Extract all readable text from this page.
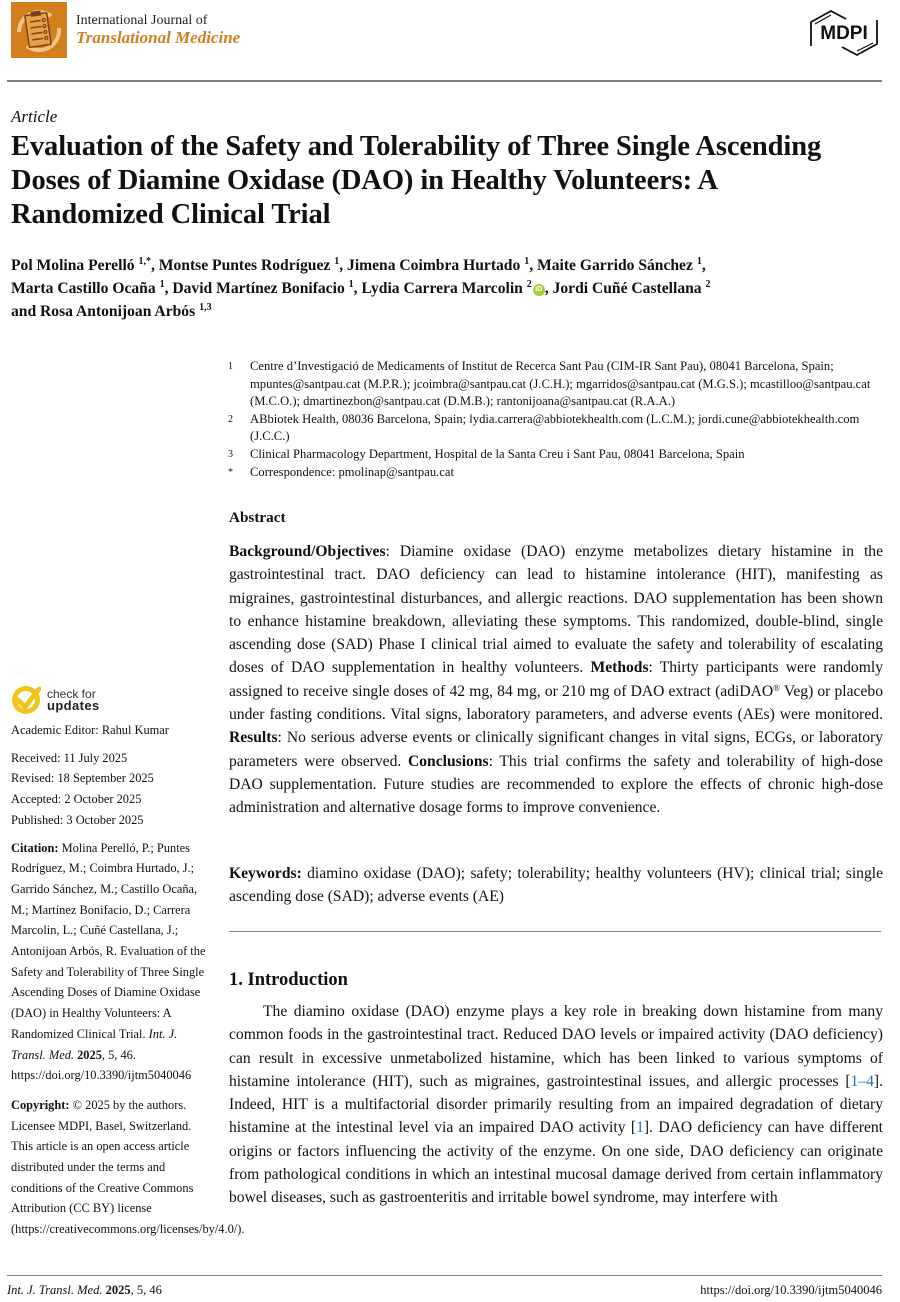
International Journal of
Translational Medicine	MDPI
Article
Evaluation of the Safety and Tolerability of Three Single Ascending Doses of Diamine Oxidase (DAO) in Healthy Volunteers: A Randomized Clinical Trial
Pol Molina Perelló $^{1,*}$, Montse Puntes Rodríguez $^1$, Jimena Coimbra Hurtado $^1$, Maite Garrido Sánchez $^1$,
Marta Castillo Ocaña $^1$, David Martínez Bonifacio $^1$, Lydia Carrera Marcolin $^2$ iD , Jordi Cuñé Castellana $^2$
and Rosa Antonijoan Arbós $^{1,3}$
1 Centre d’Investigació de Medicaments of Institut de Recerca Sant Pau (CIM-IR Sant Pau), 08041 Barcelona, Spain; mpuntes@santpau.cat (M.P.R.); jcoimbra@santpau.cat (J.C.H.); mgarridos@santpau.cat (M.G.S.); mcastilloo@santpau.cat (M.C.O.); dmartinezbon@santpau.cat (D.M.B.); rantonijoana@santpau.cat (R.A.A.)
2 ABbiotek Health, 08036 Barcelona, Spain; lydia.carrera@abbiotekhealth.com (L.C.M.); jordi.cune@abbiotekhealth.com (J.C.C.)
3 Clinical Pharmacology Department, Hospital de la Santa Creu i Sant Pau, 08041 Barcelona, Spain
* Correspondence: pmolinap@santpau.cat
Abstract

Background/Objectives: Diamine oxidase (DAO) enzyme metabolizes dietary histamine in the gastrointestinal tract. DAO deficiency can lead to histamine intolerance (HIT), manifesting as migraines, gastrointestinal disturbances, and allergic reactions. DAO supplementation has been shown to enhance histamine breakdown, alleviating these symptoms. This randomized, double-blind, single ascending dose (SAD) Phase I clinical trial aimed to evaluate the safety and tolerability of escalating doses of DAO supplementation in healthy volunteers. Methods: Thirty participants were randomly assigned to receive single doses of 42 mg, 84 mg, or 210 mg of DAO extract (adiDAO® Veg) or placebo under fasting conditions. Vital signs, laboratory parameters, and adverse events (AEs) were monitored. Results: No serious adverse events or clinically significant changes in vital signs, ECGs, or laboratory parameters were observed. Conclusions: This trial confirms the safety and tolerability of high-dose DAO supplementation. Future studies are recommended to explore the effects of chronic high-dose administration and alternative dosage forms to improve convenience.

Keywords: diamino oxidase (DAO); safety; tolerability; healthy volunteers (HV); clinical trial; single ascending dose (SAD); adverse events (AE)

1. Introduction

The diamino oxidase (DAO) enzyme plays a key role in breaking down histamine from many common foods in the gastrointestinal tract. Reduced DAO levels or impaired activity (DAO deficiency) can result in excessive unmetabolized histamine, which has been linked to various symptoms of histamine intolerance (HIT), such as migraines, gastrointestinal issues, and allergic processes [1–4]. Indeed, HIT is a multifactorial disorder primarily resulting from an impaired degradation of dietary histamine at the intestinal level via an impaired DAO activity [1]. DAO deficiency can have different origins or factors influencing the activity of the enzyme. On one side, DAO deficiency can originate from pathological conditions in which an intestinal mucosal damage derived from certain inflammatory bowel diseases, such as gastroenteritis and irritable bowel syndrome, may interfere with

check for
updates
Academic Editor: Rahul Kumar
Received: 11 July 2025
Revised: 18 September 2025
Accepted: 2 October 2025
Published: 3 October 2025
Citation: Molina Perelló, P.; Puntes Rodríguez, M.; Coimbra Hurtado, J.; Garrido Sánchez, M.; Castillo Ocaña, M.; Martínez Bonifacio, D.; Carrera Marcolin, L.; Cuñé Castellana, J.; Antonijoan Arbós, R. Evaluation of the Safety and Tolerability of Three Single Ascending Doses of Diamine Oxidase (DAO) in Healthy Volunteers: A Randomized Clinical Trial. Int. J. Transl. Med. 2025, 5, 46. https://doi.org/10.3390/ijtm5040046
Copyright: © 2025 by the authors. Licensee MDPI, Basel, Switzerland. This article is an open access article distributed under the terms and conditions of the Creative Commons Attribution (CC BY) license (https://creativecommons.org/licenses/by/4.0/).
Int. J. Transl. Med. 2025, 5, 46	https://doi.org/10.3390/ijtm5040046
